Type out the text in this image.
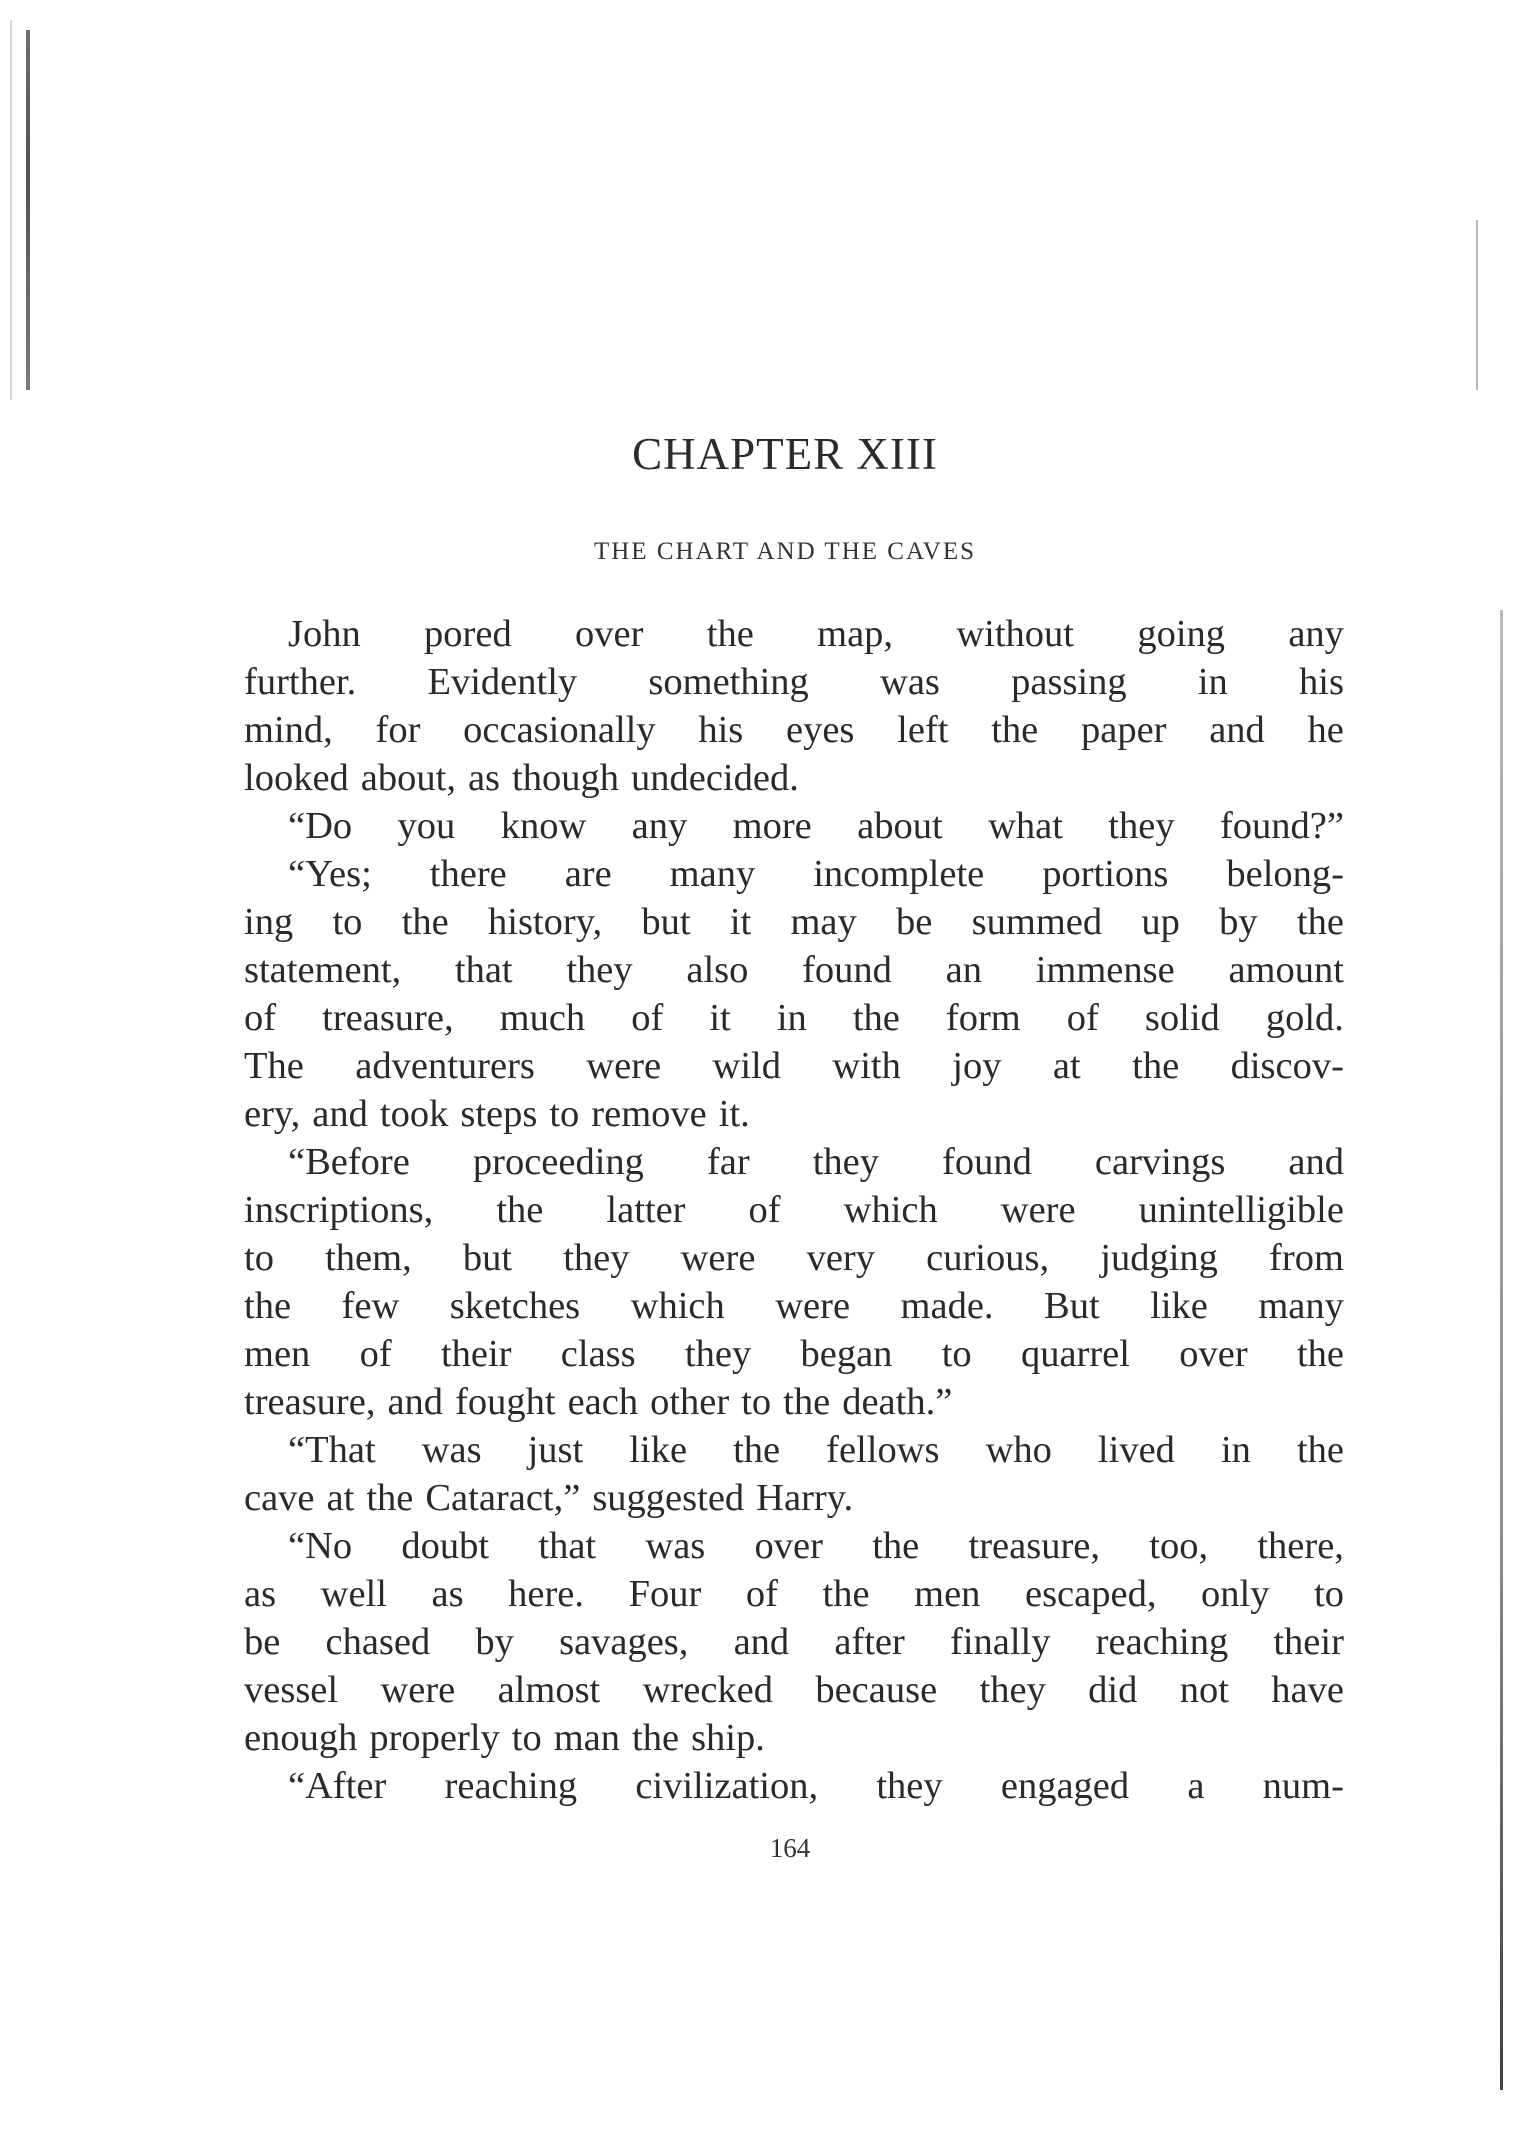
CHAPTER XIII
THE CHART AND THE CAVES
John pored over the map, without going any
further. Evidently something was passing in his
mind, for occasionally his eyes left the paper and he
looked about, as though undecided.
“Do you know any more about what they found?”
“Yes; there are many incomplete portions belong-
ing to the history, but it may be summed up by the
statement, that they also found an immense amount
of treasure, much of it in the form of solid gold.
The adventurers were wild with joy at the discov-
ery, and took steps to remove it.
“Before proceeding far they found carvings and
inscriptions, the latter of which were unintelligible
to them, but they were very curious, judging from
the few sketches which were made. But like many
men of their class they began to quarrel over the
treasure, and fought each other to the death.”
“That was just like the fellows who lived in the
cave at the Cataract,” suggested Harry.
“No doubt that was over the treasure, too, there,
as well as here. Four of the men escaped, only to
be chased by savages, and after finally reaching their
vessel were almost wrecked because they did not have
enough properly to man the ship.
“After reaching civilization, they engaged a num-
164
